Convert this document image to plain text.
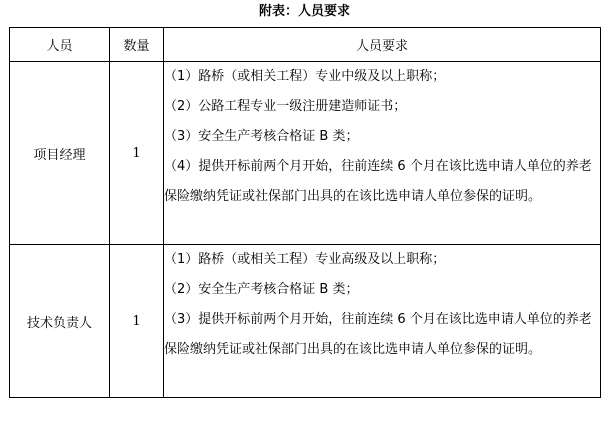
附表：人员要求
人员	数量	人员要求
项目经理	1	（1）路桥（或相关工程）专业中级及以上职称；
（2）公路工程专业一级注册建造师证书；
（3）安全生产考核合格证 B 类；
（4）提供开标前两个月开始，往前连续 6 个月在该比选申请人单位的养老保险缴纳凭证或社保部门出具的在该比选申请人单位参保的证明。

技术负责人	1	（1）路桥（或相关工程）专业高级及以上职称；
（2）安全生产考核合格证 B 类；
（3）提供开标前两个月开始，往前连续 6 个月在该比选申请人单位的养老保险缴纳凭证或社保部门出具的在该比选申请人单位参保的证明。
